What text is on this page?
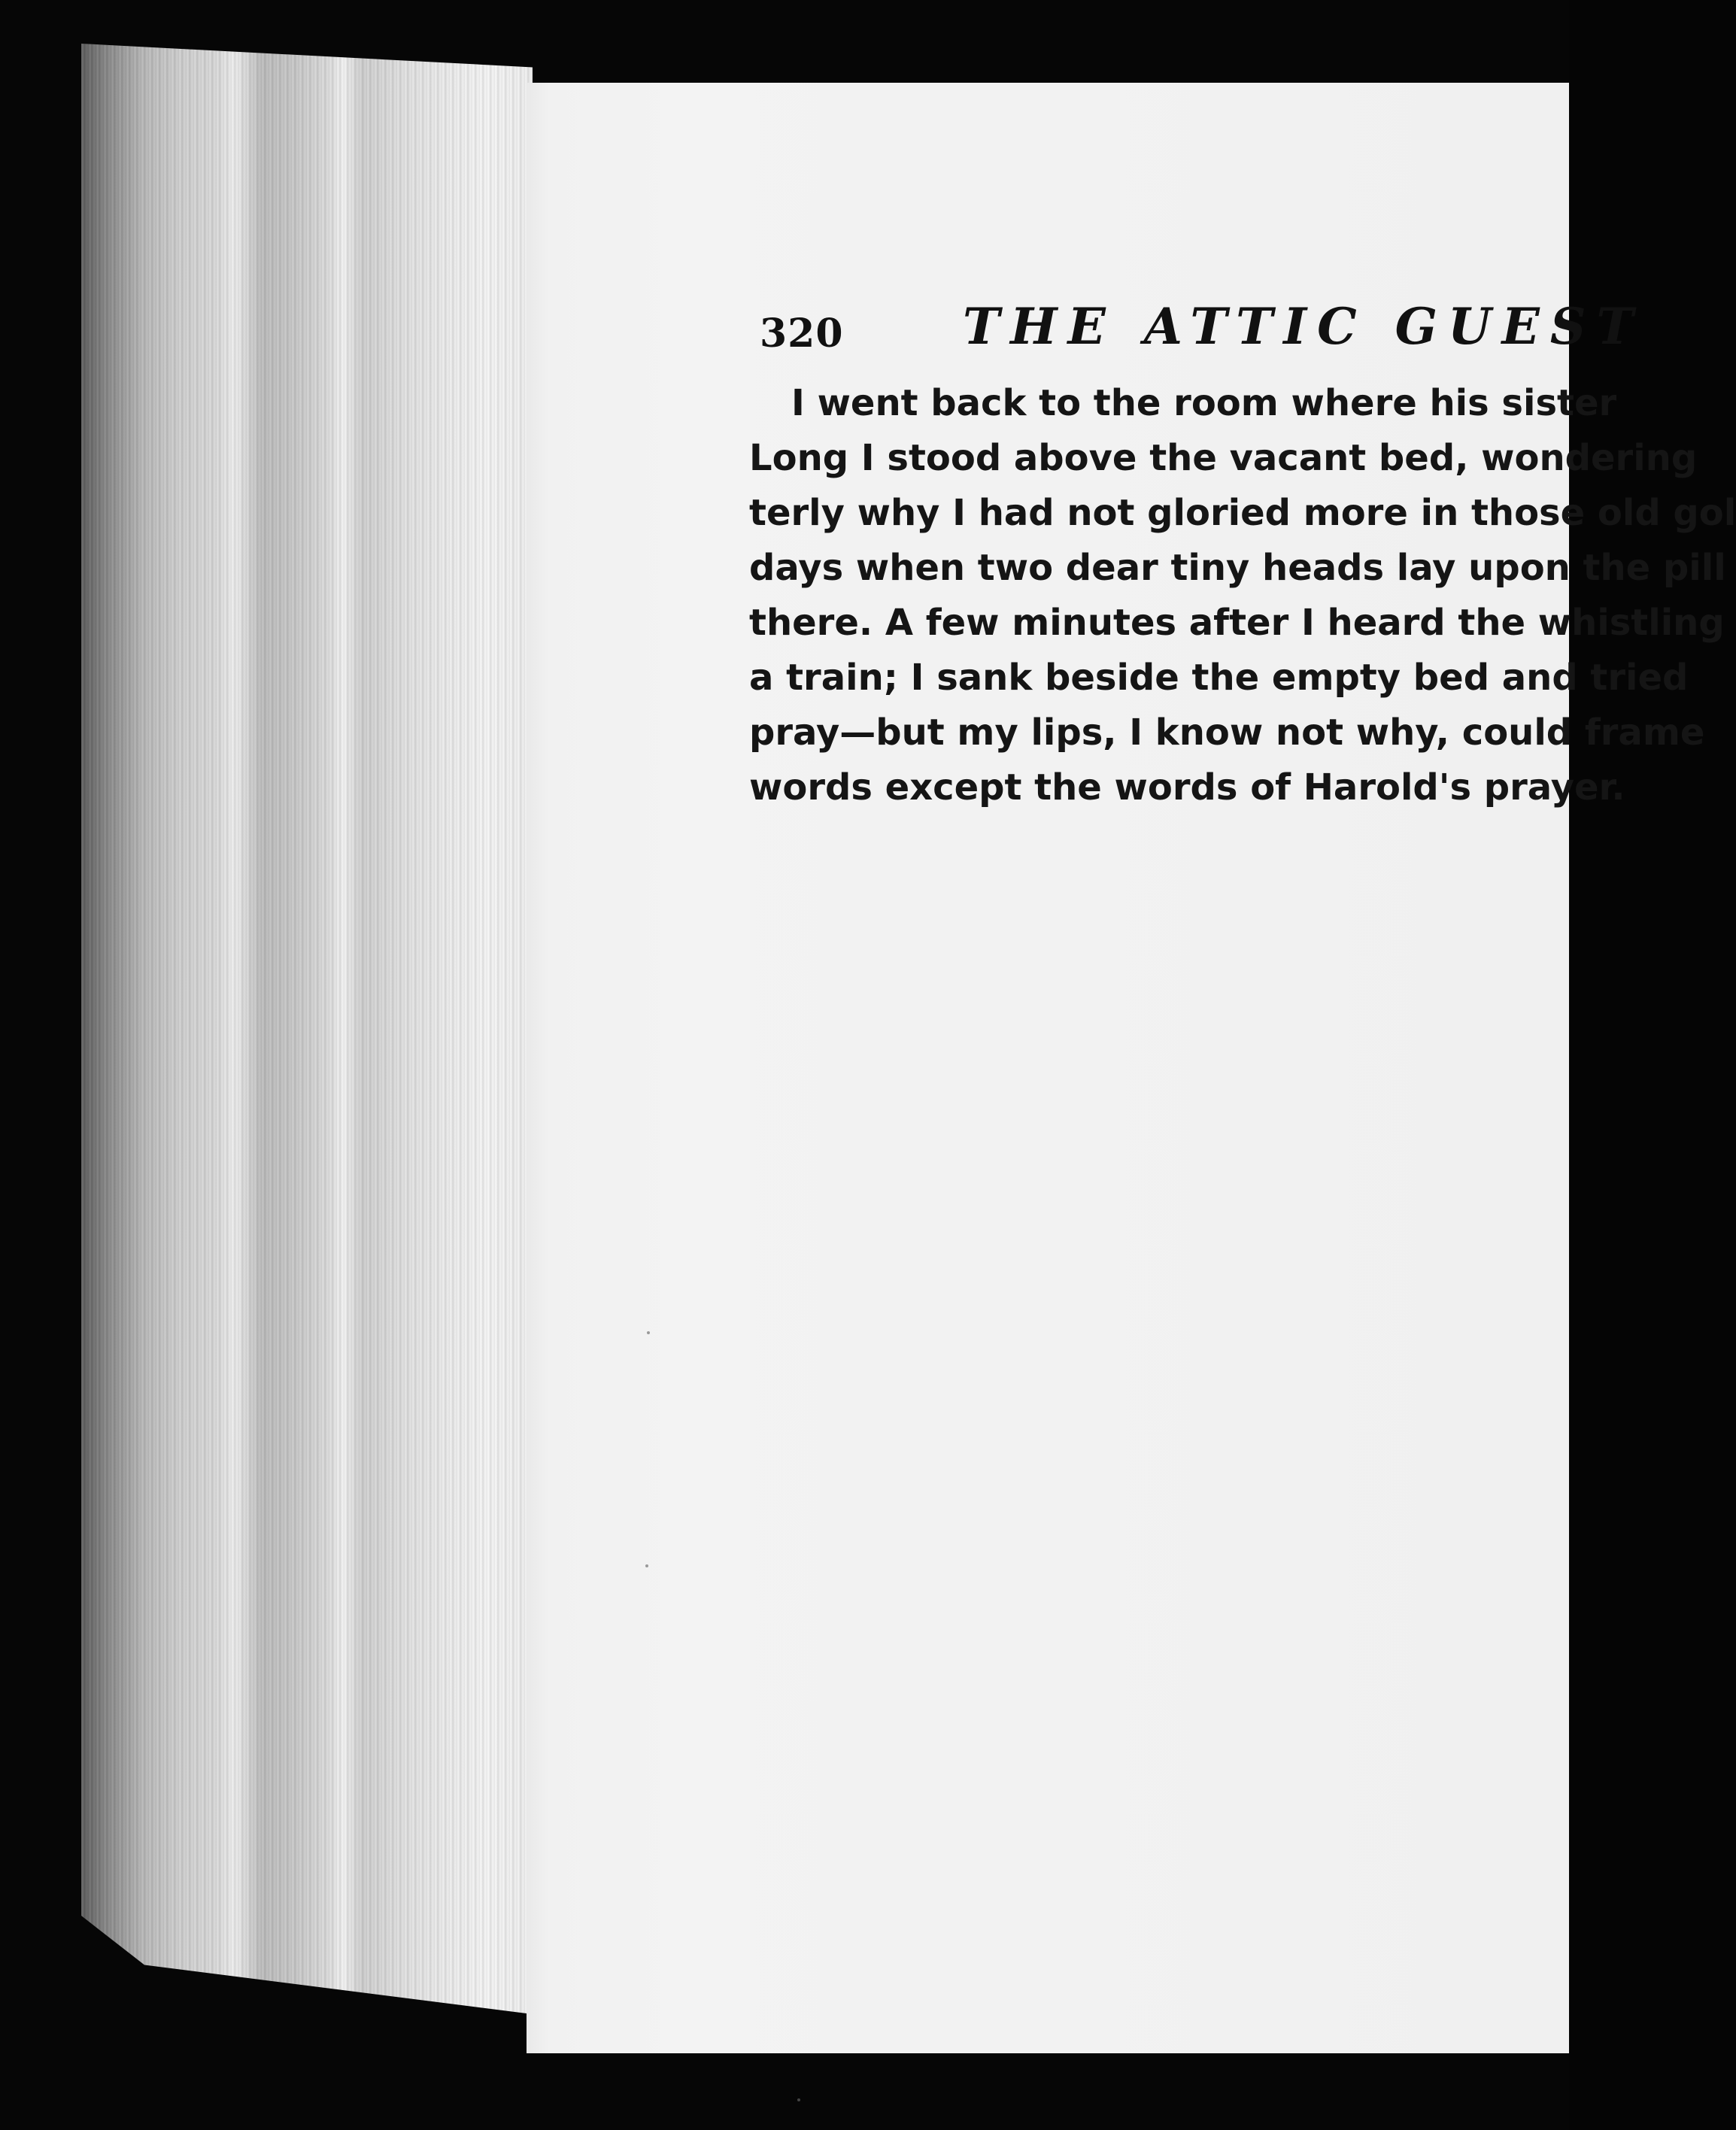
320 THE ATTIC GUEST
I went back to the room where his sister
Long I stood above the vacant bed, wondering
terly why I had not gloried more in those old gol
days when two dear tiny heads lay upon the pill
there. A few minutes after I heard the whistling
a train; I sank beside the empty bed and tried
pray—but my lips, I know not why, could frame
words except the words of Harold's prayer.
